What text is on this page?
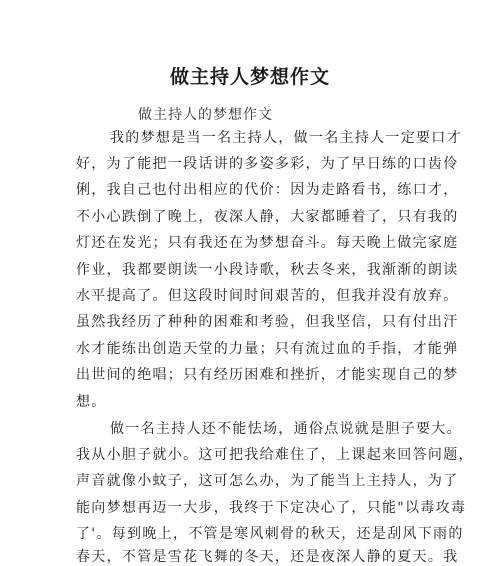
做主持人梦想作文
做主持人的梦想作文
我的梦想是当一名主持人，做一名主持人一定要口才
好，为了能把一段话讲的多姿多彩，为了早日练的口齿伶
俐，我自己也付出相应的代价：因为走路看书，练口才，
不小心跌倒了晚上，夜深人静，大家都睡着了，只有我的
灯还在发光；只有我还在为梦想奋斗。每天晚上做完家庭
作业，我都要朗读一小段诗歌，秋去冬来，我渐渐的朗读
水平提高了。但这段时间时间艰苦的，但我并没有放弃。
虽然我经历了种种的困难和考验，但我坚信，只有付出汗
水才能练出创造天堂的力量；只有流过血的手指，才能弹
出世间的绝唱；只有经历困难和挫折，才能实现自己的梦
想。
做一名主持人还不能怯场，通俗点说就是胆子要大。
我从小胆子就小。这可把我给难住了，上课起来回答问题，
声音就像小蚊子，这可怎么办，为了能当上主持人，为了
能向梦想再迈一大步，我终于下定决心了，只能"以毒攻毒
了'。每到晚上，不管是寒风刺骨的秋天，还是刮风下雨的
春天，不管是雪花飞舞的冬天，还是夜深人静的夏天。我
